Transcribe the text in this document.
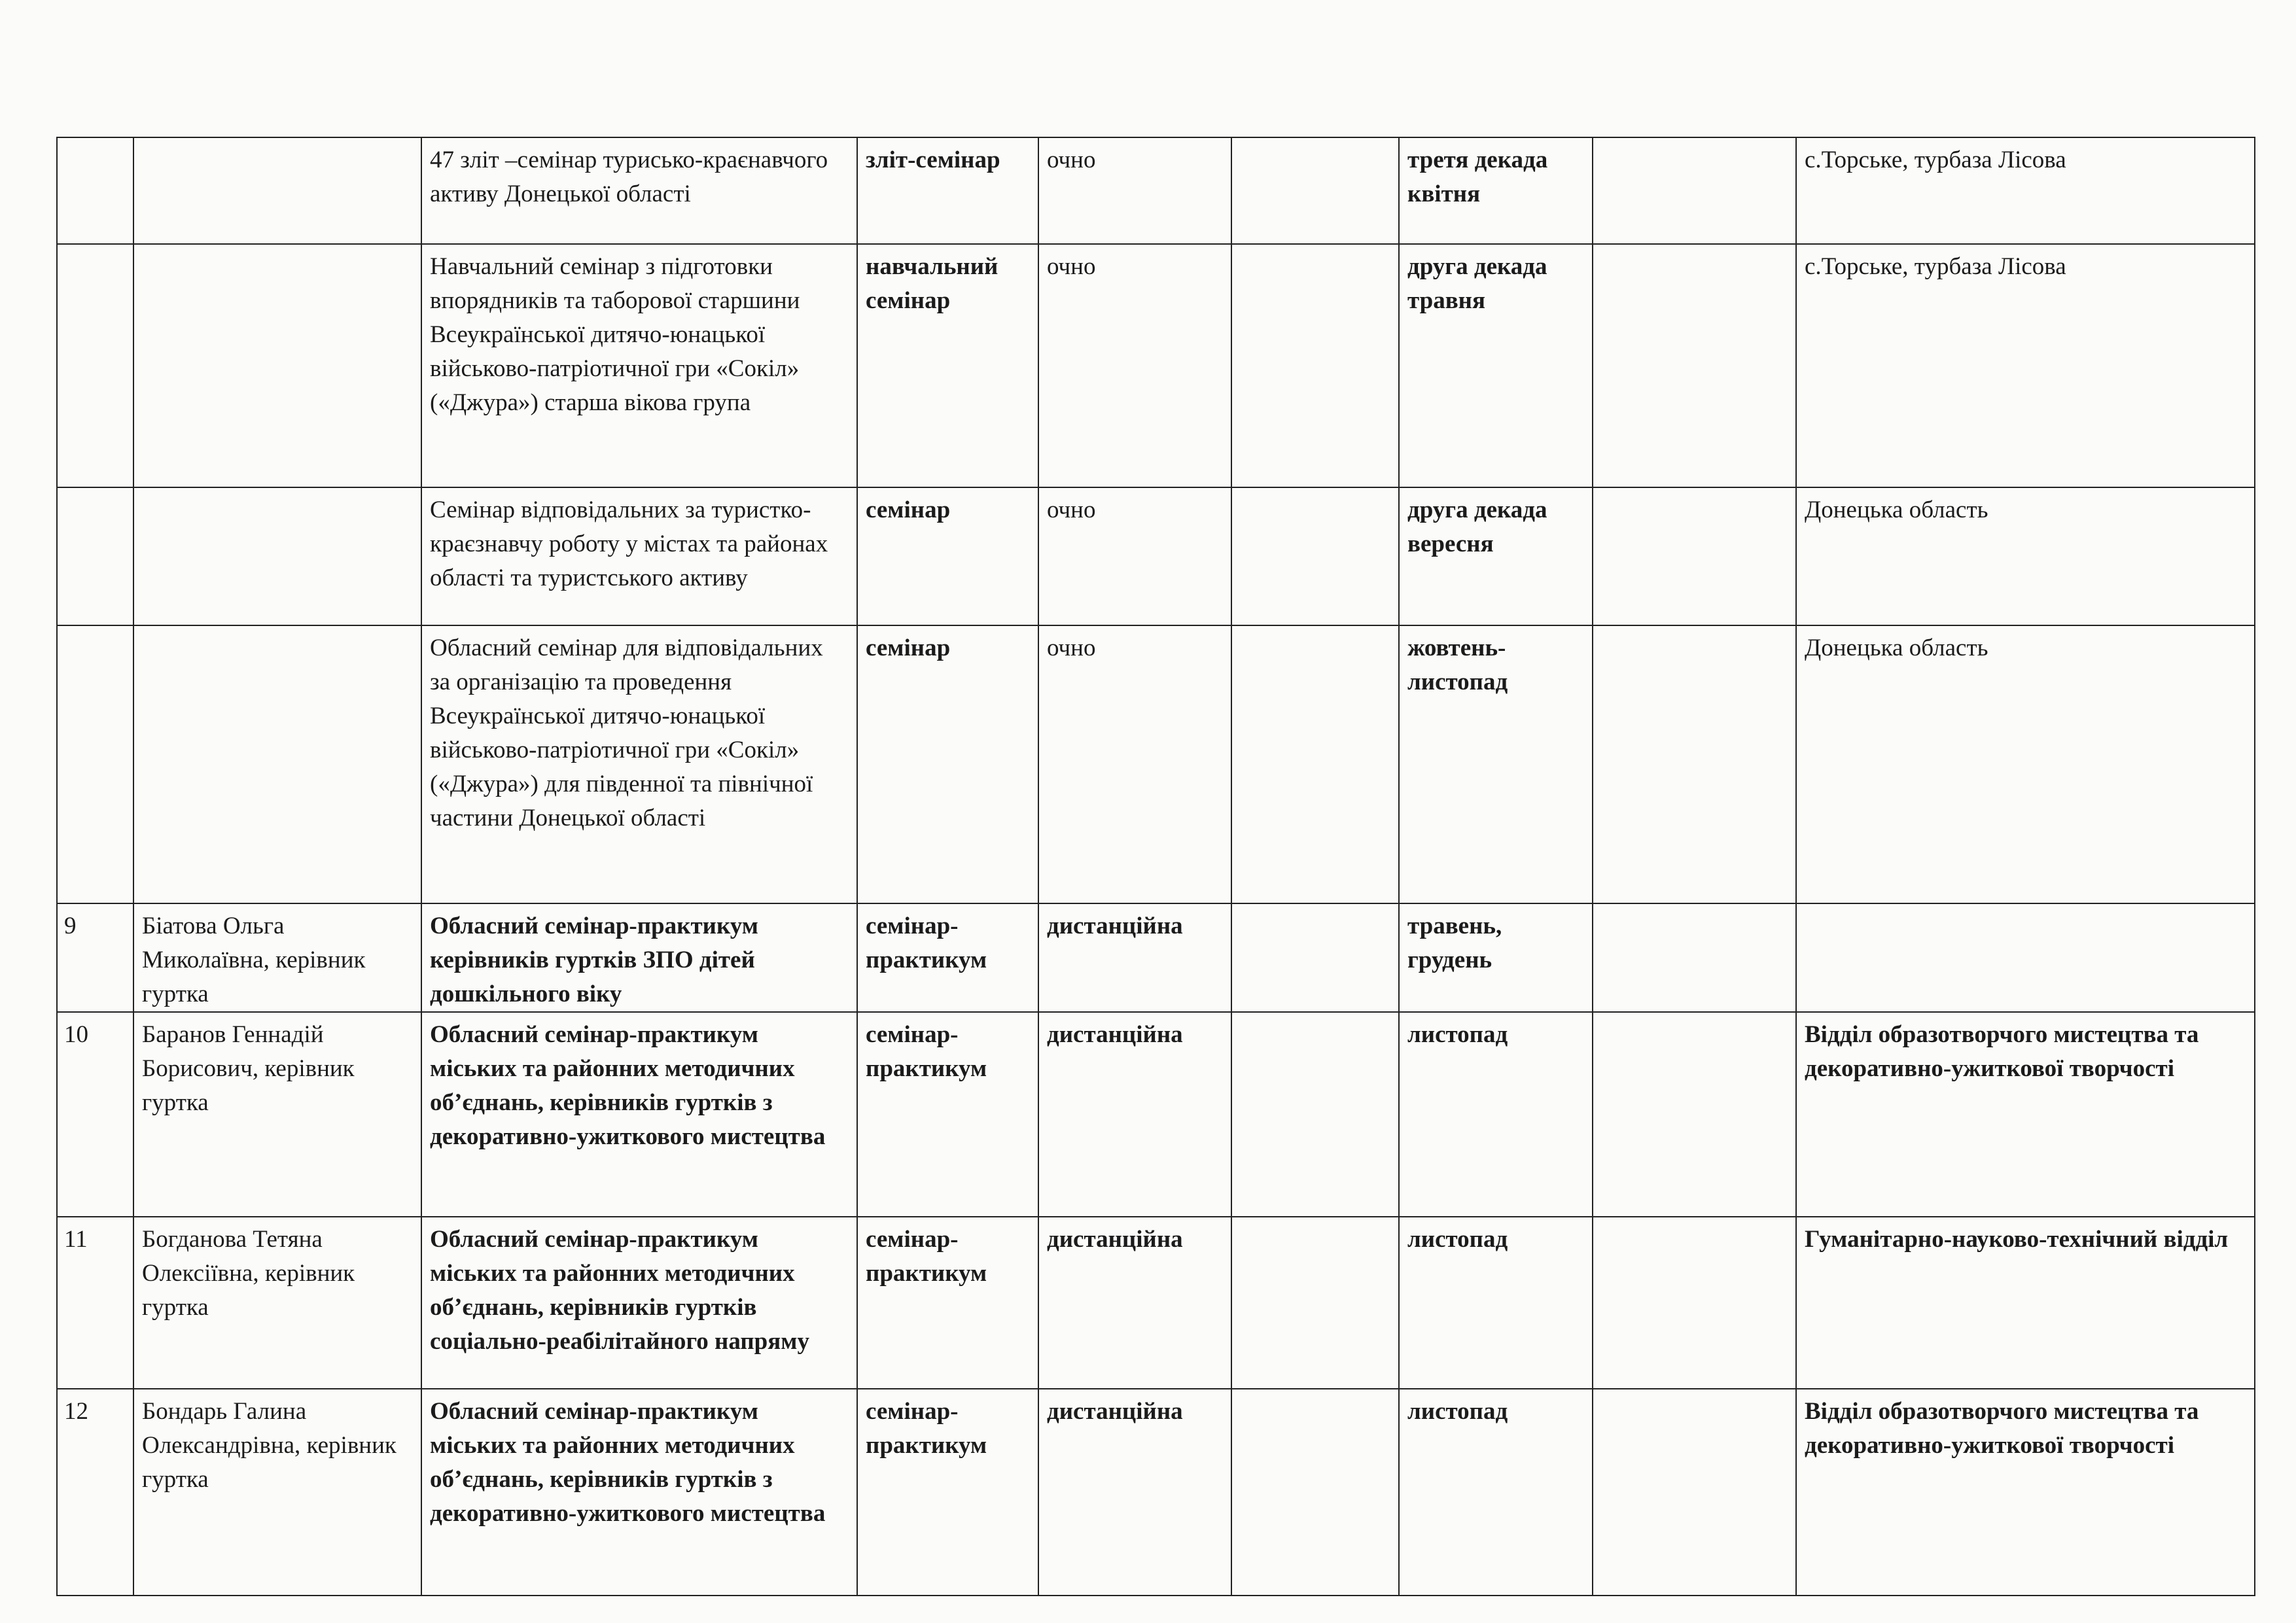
		47 зліт –семінар турисько-краєнавчого активу Донецької області	зліт-семінар	очно		третя декада квітня		с.Торське, турбаза Лісова
		Навчальний семінар з підготовки впорядників та таборової старшини Всеукраїнської дитячо-юнацької військово-патріотичної гри «Сокіл» («Джура») старша вікова група	навчальний семінар	очно		друга декада травня		с.Торське, турбаза Лісова
		Семінар відповідальних за туристко-краєзнавчу роботу у містах та районах області та туристського активу	семінар	очно		друга декада вересня		Донецька область
		Обласний семінар для відповідальних за організацію та проведення Всеукраїнської дитячо-юнацької військово-патріотичної гри «Сокіл» («Джура») для південної та північної частини Донецької області	семінар	очно		жовтень-листопад		Донецька область
9	Біатова Ольга Миколаївна, керівник гуртка	Обласний семінар-практикум керівників гуртків ЗПО дітей дошкільного віку	семінар-практикум	дистанційна		травень, грудень		
10	Баранов Геннадій Борисович, керівник гуртка	Обласний семінар-практикум міських та районних методичних об’єднань, керівників гуртків з декоративно-ужиткового мистецтва	семінар-практикум	дистанційна		листопад		Відділ образотворчого мистецтва та декоративно-ужиткової творчості
11	Богданова Тетяна Олексіївна, керівник гуртка	Обласний семінар-практикум міських та районних методичних об’єднань, керівників гуртків соціально-реабілітайного напряму	семінар-практикум	дистанційна		листопад		Гуманітарно-науково-технічний відділ
12	Бондарь Галина Олександрівна, керівник гуртка	Обласний семінар-практикум міських та районних методичних об’єднань, керівників гуртків з декоративно-ужиткового мистецтва	семінар-практикум	дистанційна		листопад		Відділ образотворчого мистецтва та декоративно-ужиткової творчості
